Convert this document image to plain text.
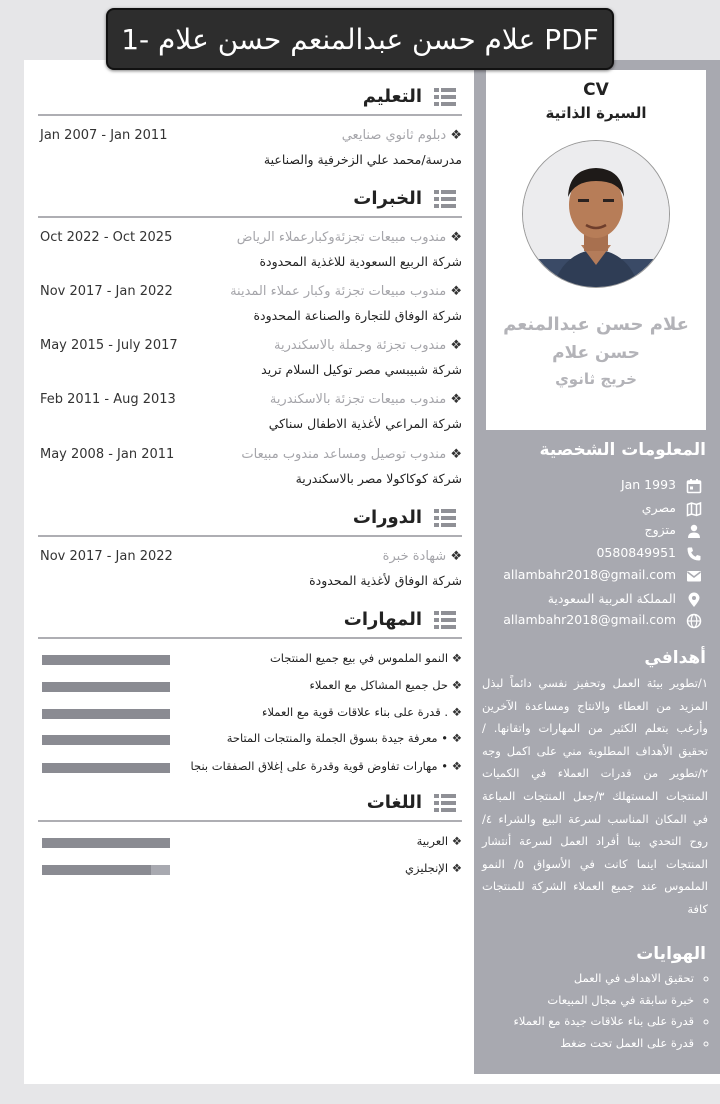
علام حسن عبدالمنعم حسن علام -1 PDF
CV
السيرة الذاتية
علام حسن عبدالمنعم
حسن علام
خريج ثانوي
المعلومات الشخصية
Jan 1993
مصري
متزوج
0580849951
allambahr2018@gmail.com
المملكة العربية السعودية
allambahr2018@gmail.com
أهدافي
١/تطوير بيئة العمل وتحفيز نفسي دائماً لبذل المزيد من العطاء والانتاج ومساعدة الآخرين وأرغب بتعلم الكثير من المهارات واتقانها. / تحقيق الأهداف المطلوبة مني على اكمل وجه ٢/تطوير من قدرات العملاء في الكميات المنتجات المستهلك ٣/جعل المنتجات المباعة في المكان المناسب لسرعة البيع والشراء ٤/ روح التحدي بينا أفراد العمل لسرعة أنتشار المنتجات اينما كانت في الأسواق ٥/ النمو الملموس عند جميع العملاء الشركة للمنتجات كافة
الهوايات
◦ تحقيق الاهداف في العمل
◦ خبرة سابقة في مجال المبيعات
◦ قدرة على بناء علاقات جيدة مع العملاء
◦ قدرة على العمل تحت ضغط
التعليم
Jan 2007 - Jan 2011	❖ دبلوم ثانوي صنايعي
مدرسة/محمد علي الزخرفية والصناعية
الخبرات
Oct 2022 - Oct 2025	❖ مندوب مبيعات تجزئةوكبارعملاء الرياض
شركة الربيع السعودية للاغذية المحدودة
Nov 2017 - Jan 2022	❖ مندوب مبيعات تجزئة وكبار عملاء المدينة
شركة الوفاق للتجارة والصناعة المحدودة
May 2015 - July 2017	❖ مندوب تجزئة وجملة بالاسكندرية
شركة شبيبسي مصر توكيل السلام تريد
Feb 2011 - Aug 2013	❖ مندوب مبيعات تجزئة بالاسكندرية
شركة المراعي لأغذية الاطفال سناكي
May 2008 - Jan 2011	❖ مندوب توصيل ومساعد مندوب مبيعات
شركة كوكاكولا مصر بالاسكندرية
الدورات
Nov 2017 - Jan 2022	❖ شهادة خبرة
شركة الوفاق لأغذية المحدودة
المهارات
❖ النمو الملموس في بيع جميع المنتجات
❖ حل جميع المشاكل مع العملاء
❖ . قدرة على بناء علاقات قوية مع العملاء
❖ • معرفة جيدة بسوق الجملة والمنتجات المتاحة
❖ • مهارات تفاوض قوية وقدرة على إغلاق الصفقات بنجا
اللغات
❖ العربية
❖ الإنجليزي
